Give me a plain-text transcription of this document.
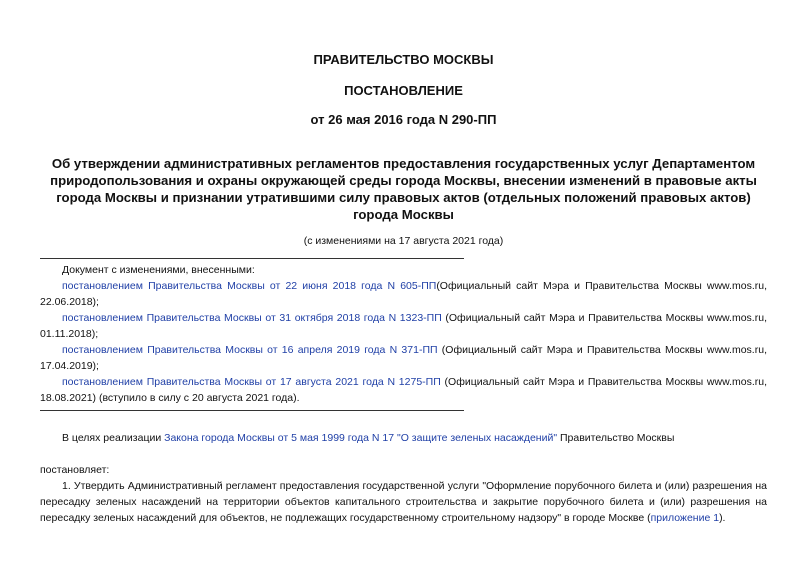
ПРАВИТЕЛЬСТВО МОСКВЫ
ПОСТАНОВЛЕНИЕ
от 26 мая 2016 года N 290-ПП
Об утверждении административных регламентов предоставления государственных услуг Департаментом природопользования и охраны окружающей среды города Москвы, внесении изменений в правовые акты города Москвы и признании утратившими силу правовых актов (отдельных положений правовых актов) города Москвы
(с изменениями на 17 августа 2021 года)
Документ с изменениями, внесенными:
постановлением Правительства Москвы от 22 июня 2018 года N 605-ПП(Официальный сайт Мэра и Правительства Москвы www.mos.ru, 22.06.2018);
постановлением Правительства Москвы от 31 октября 2018 года N 1323-ПП (Официальный сайт Мэра и Правительства Москвы www.mos.ru, 01.11.2018);
постановлением Правительства Москвы от 16 апреля 2019 года N 371-ПП (Официальный сайт Мэра и Правительства Москвы www.mos.ru, 17.04.2019);
постановлением Правительства Москвы от 17 августа 2021 года N 1275-ПП (Официальный сайт Мэра и Правительства Москвы www.mos.ru, 18.08.2021) (вступило в силу с 20 августа 2021 года).
В целях реализации Закона города Москвы от 5 мая 1999 года N 17 "О защите зеленых насаждений" Правительство Москвы
постановляет:
1. Утвердить Административный регламент предоставления государственной услуги "Оформление порубочного билета и (или) разрешения на пересадку зеленых насаждений на территории объектов капитального строительства и закрытие порубочного билета и (или) разрешения на пересадку зеленых насаждений для объектов, не подлежащих государственному строительному надзору" в городе Москве (приложение 1).
